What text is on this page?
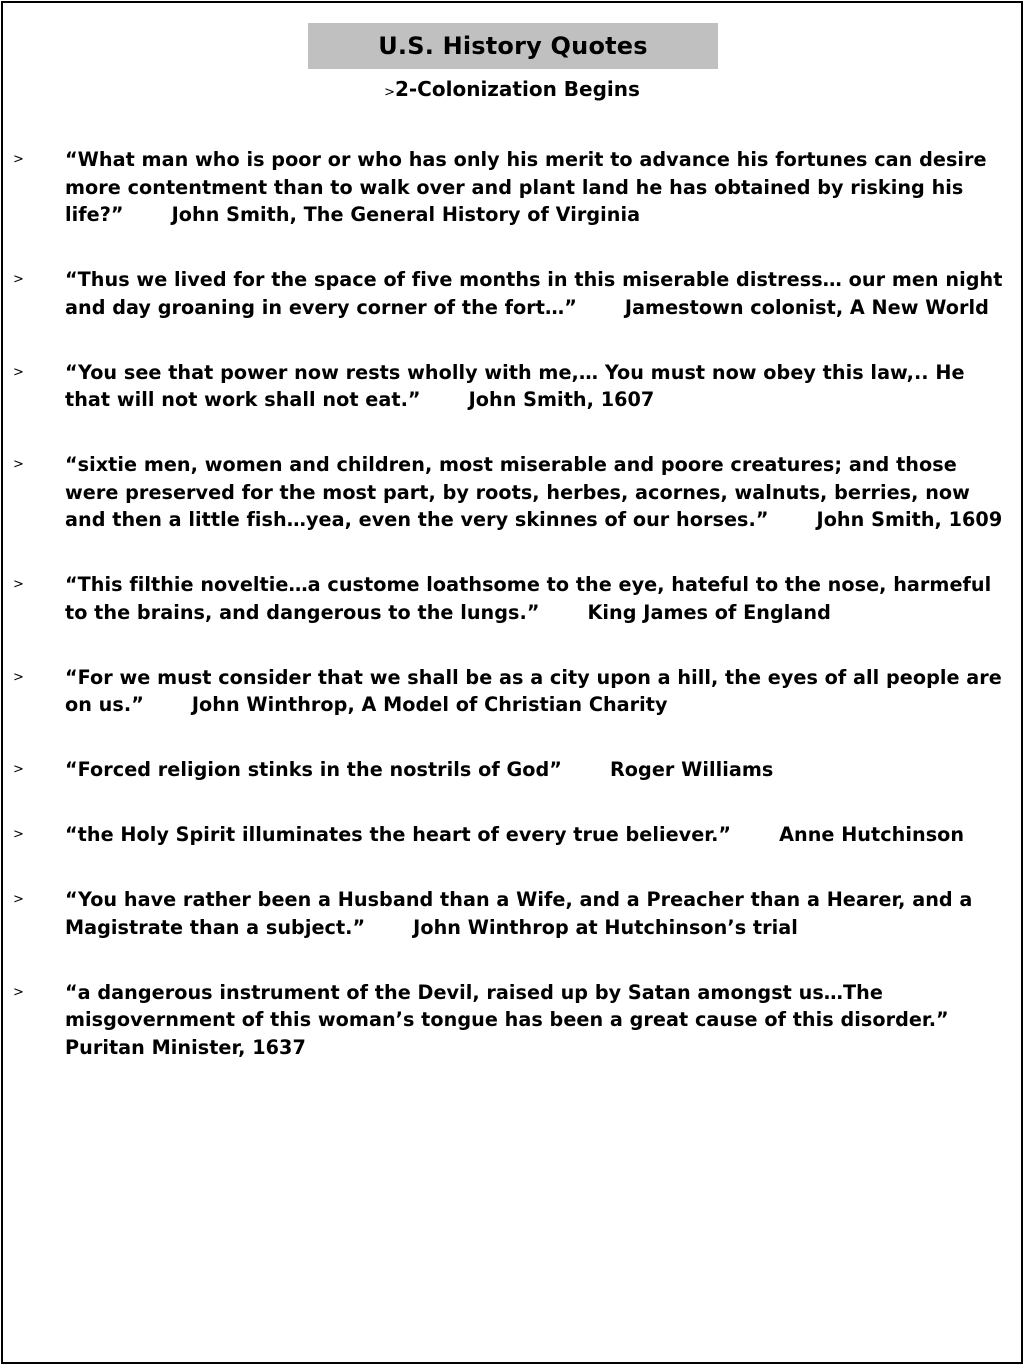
U.S. History Quotes
>2-Colonization Begins
> “What man who is poor or who has only his merit to advance his fortunes can desire more contentment than to walk over and plant land he has obtained by risking his life?”	John Smith, The General History of Virginia
> “Thus we lived for the space of five months in this miserable distress… our men night and day groaning in every corner of the fort…”	Jamestown colonist, A New World
> “You see that power now rests wholly with me,… You must now obey this law,.. He that will not work shall not eat.”	John Smith, 1607
> “sixtie men, women and children, most miserable and poore creatures; and those were preserved for the most part, by roots, herbes, acornes, walnuts, berries, now and then a little fish…yea, even the very skinnes of our horses.”	John Smith, 1609
> “This filthie noveltie…a custome loathsome to the eye, hateful to the nose, harmeful to the brains, and dangerous to the lungs.”	King James of England
> “For we must consider that we shall be as a city upon a hill, the eyes of all people are on us.”	John Winthrop, A Model of Christian Charity
> “Forced religion stinks in the nostrils of God”	Roger Williams
> “the Holy Spirit illuminates the heart of every true believer.”	Anne Hutchinson
> “You have rather been a Husband than a Wife, and a Preacher than a Hearer, and a Magistrate than a subject.”	John Winthrop at Hutchinson’s trial
> “a dangerous instrument of the Devil, raised up by Satan amongst us…The misgovernment of this woman’s tongue has been a great cause of this disorder.”Puritan Minister, 1637
